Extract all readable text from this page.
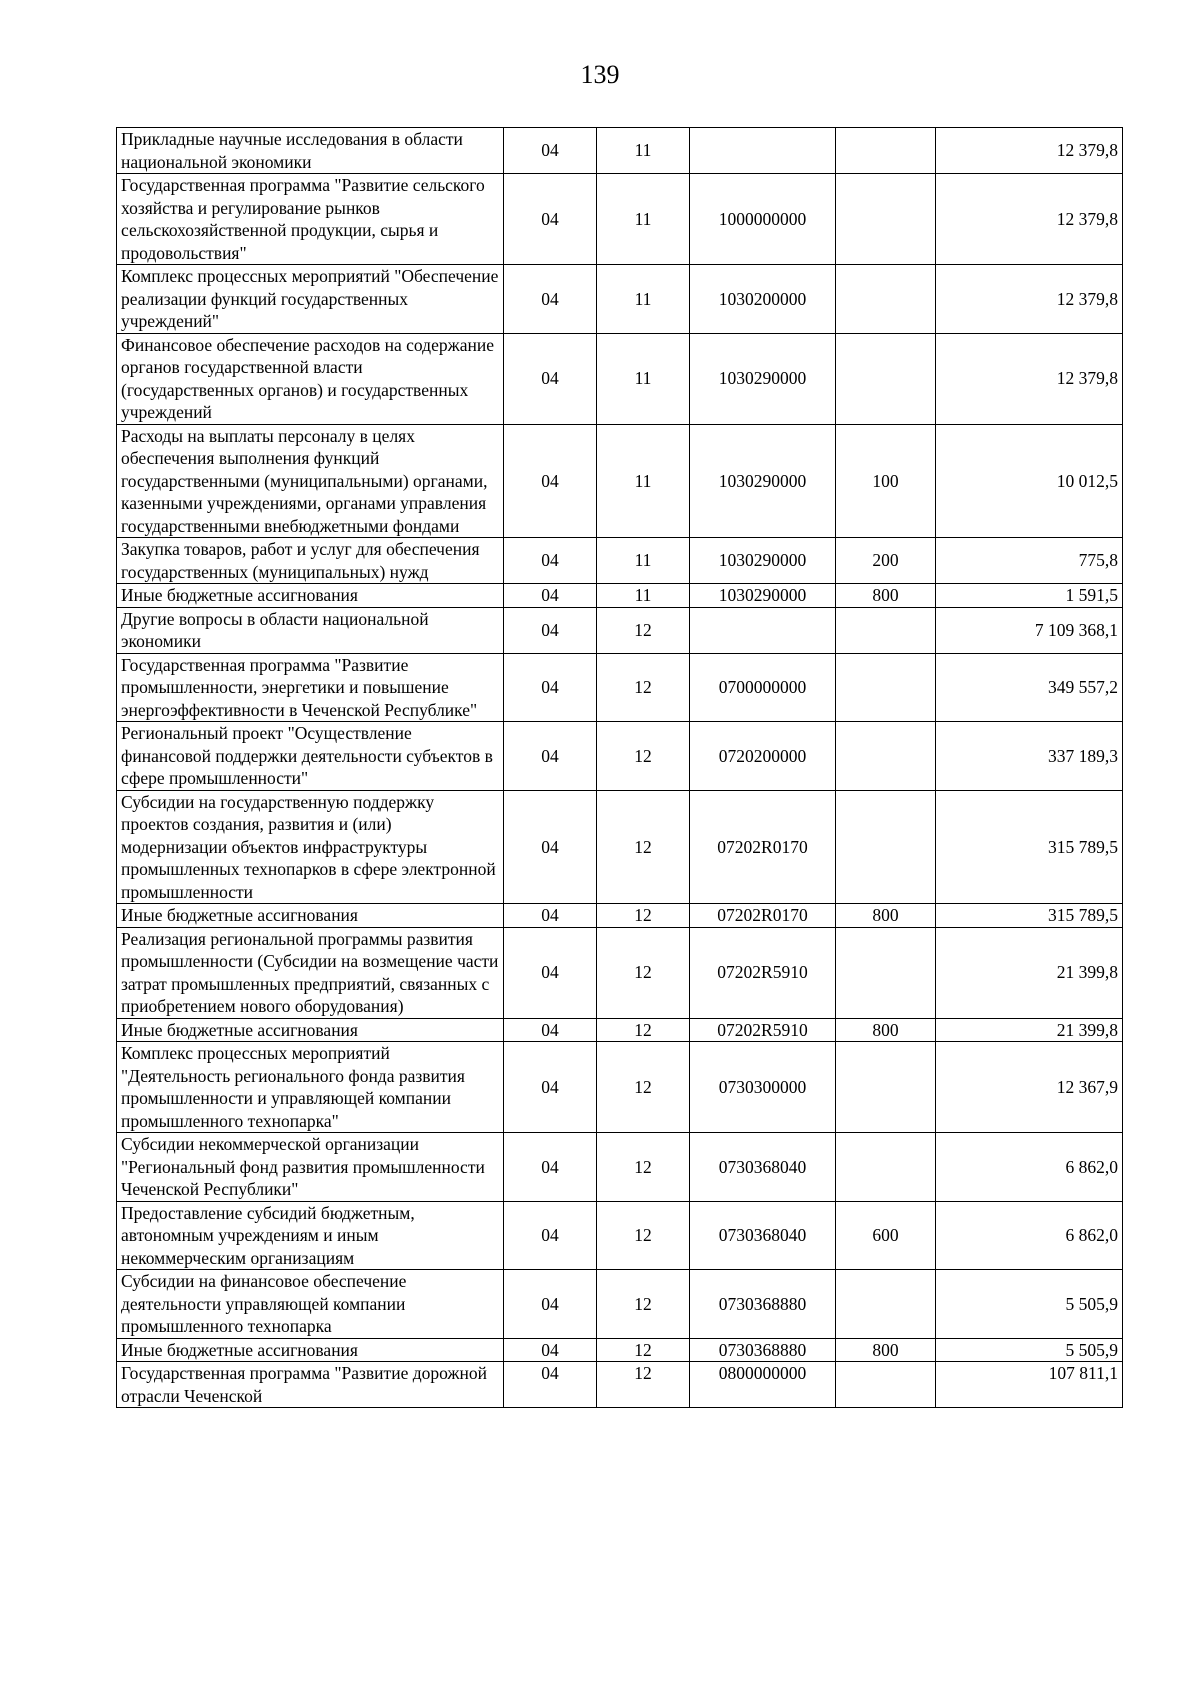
139
Прикладные научные исследования в области национальной экономики	04	11			12 379,8
Государственная программа "Развитие сельского хозяйства и регулирование рынков сельскохозяйственной продукции, сырья и продовольствия"	04	11	1000000000		12 379,8
Комплекс процессных мероприятий "Обеспечение реализации функций государственных учреждений"	04	11	1030200000		12 379,8
Финансовое обеспечение расходов на содержание органов государственной власти (государственных органов) и государственных учреждений	04	11	1030290000		12 379,8
Расходы на выплаты персоналу в целях обеспечения выполнения функций государственными (муниципальными) органами, казенными учреждениями, органами управления государственными внебюджетными фондами	04	11	1030290000	100	10 012,5
Закупка товаров, работ и услуг для обеспечения государственных (муниципальных) нужд	04	11	1030290000	200	775,8
Иные бюджетные ассигнования	04	11	1030290000	800	1 591,5
Другие вопросы в области национальной экономики	04	12			7 109 368,1
Государственная программа "Развитие промышленности, энергетики и повышение энергоэффективности в Чеченской Республике"	04	12	0700000000		349 557,2
Региональный проект "Осуществление финансовой поддержки деятельности субъектов в сфере промышленности"	04	12	0720200000		337 189,3
Субсидии на государственную поддержку проектов создания, развития и (или) модернизации объектов инфраструктуры промышленных технопарков в сфере электронной промышленности	04	12	07202R0170		315 789,5
Иные бюджетные ассигнования	04	12	07202R0170	800	315 789,5
Реализация региональной программы развития промышленности (Субсидии на возмещение части затрат промышленных предприятий, связанных с приобретением нового оборудования)	04	12	07202R5910		21 399,8
Иные бюджетные ассигнования	04	12	07202R5910	800	21 399,8
Комплекс процессных мероприятий "Деятельность регионального фонда развития промышленности и управляющей компании промышленного технопарка"	04	12	0730300000		12 367,9
Субсидии некоммерческой организации "Региональный фонд развития промышленности Чеченской Республики"	04	12	0730368040		6 862,0
Предоставление субсидий бюджетным, автономным учреждениям и иным некоммерческим организациям	04	12	0730368040	600	6 862,0
Субсидии на финансовое обеспечение деятельности управляющей компании промышленного технопарка	04	12	0730368880		5 505,9
Иные бюджетные ассигнования	04	12	0730368880	800	5 505,9
Государственная программа "Развитие дорожной отрасли Чеченской	04	12	0800000000		107 811,1
